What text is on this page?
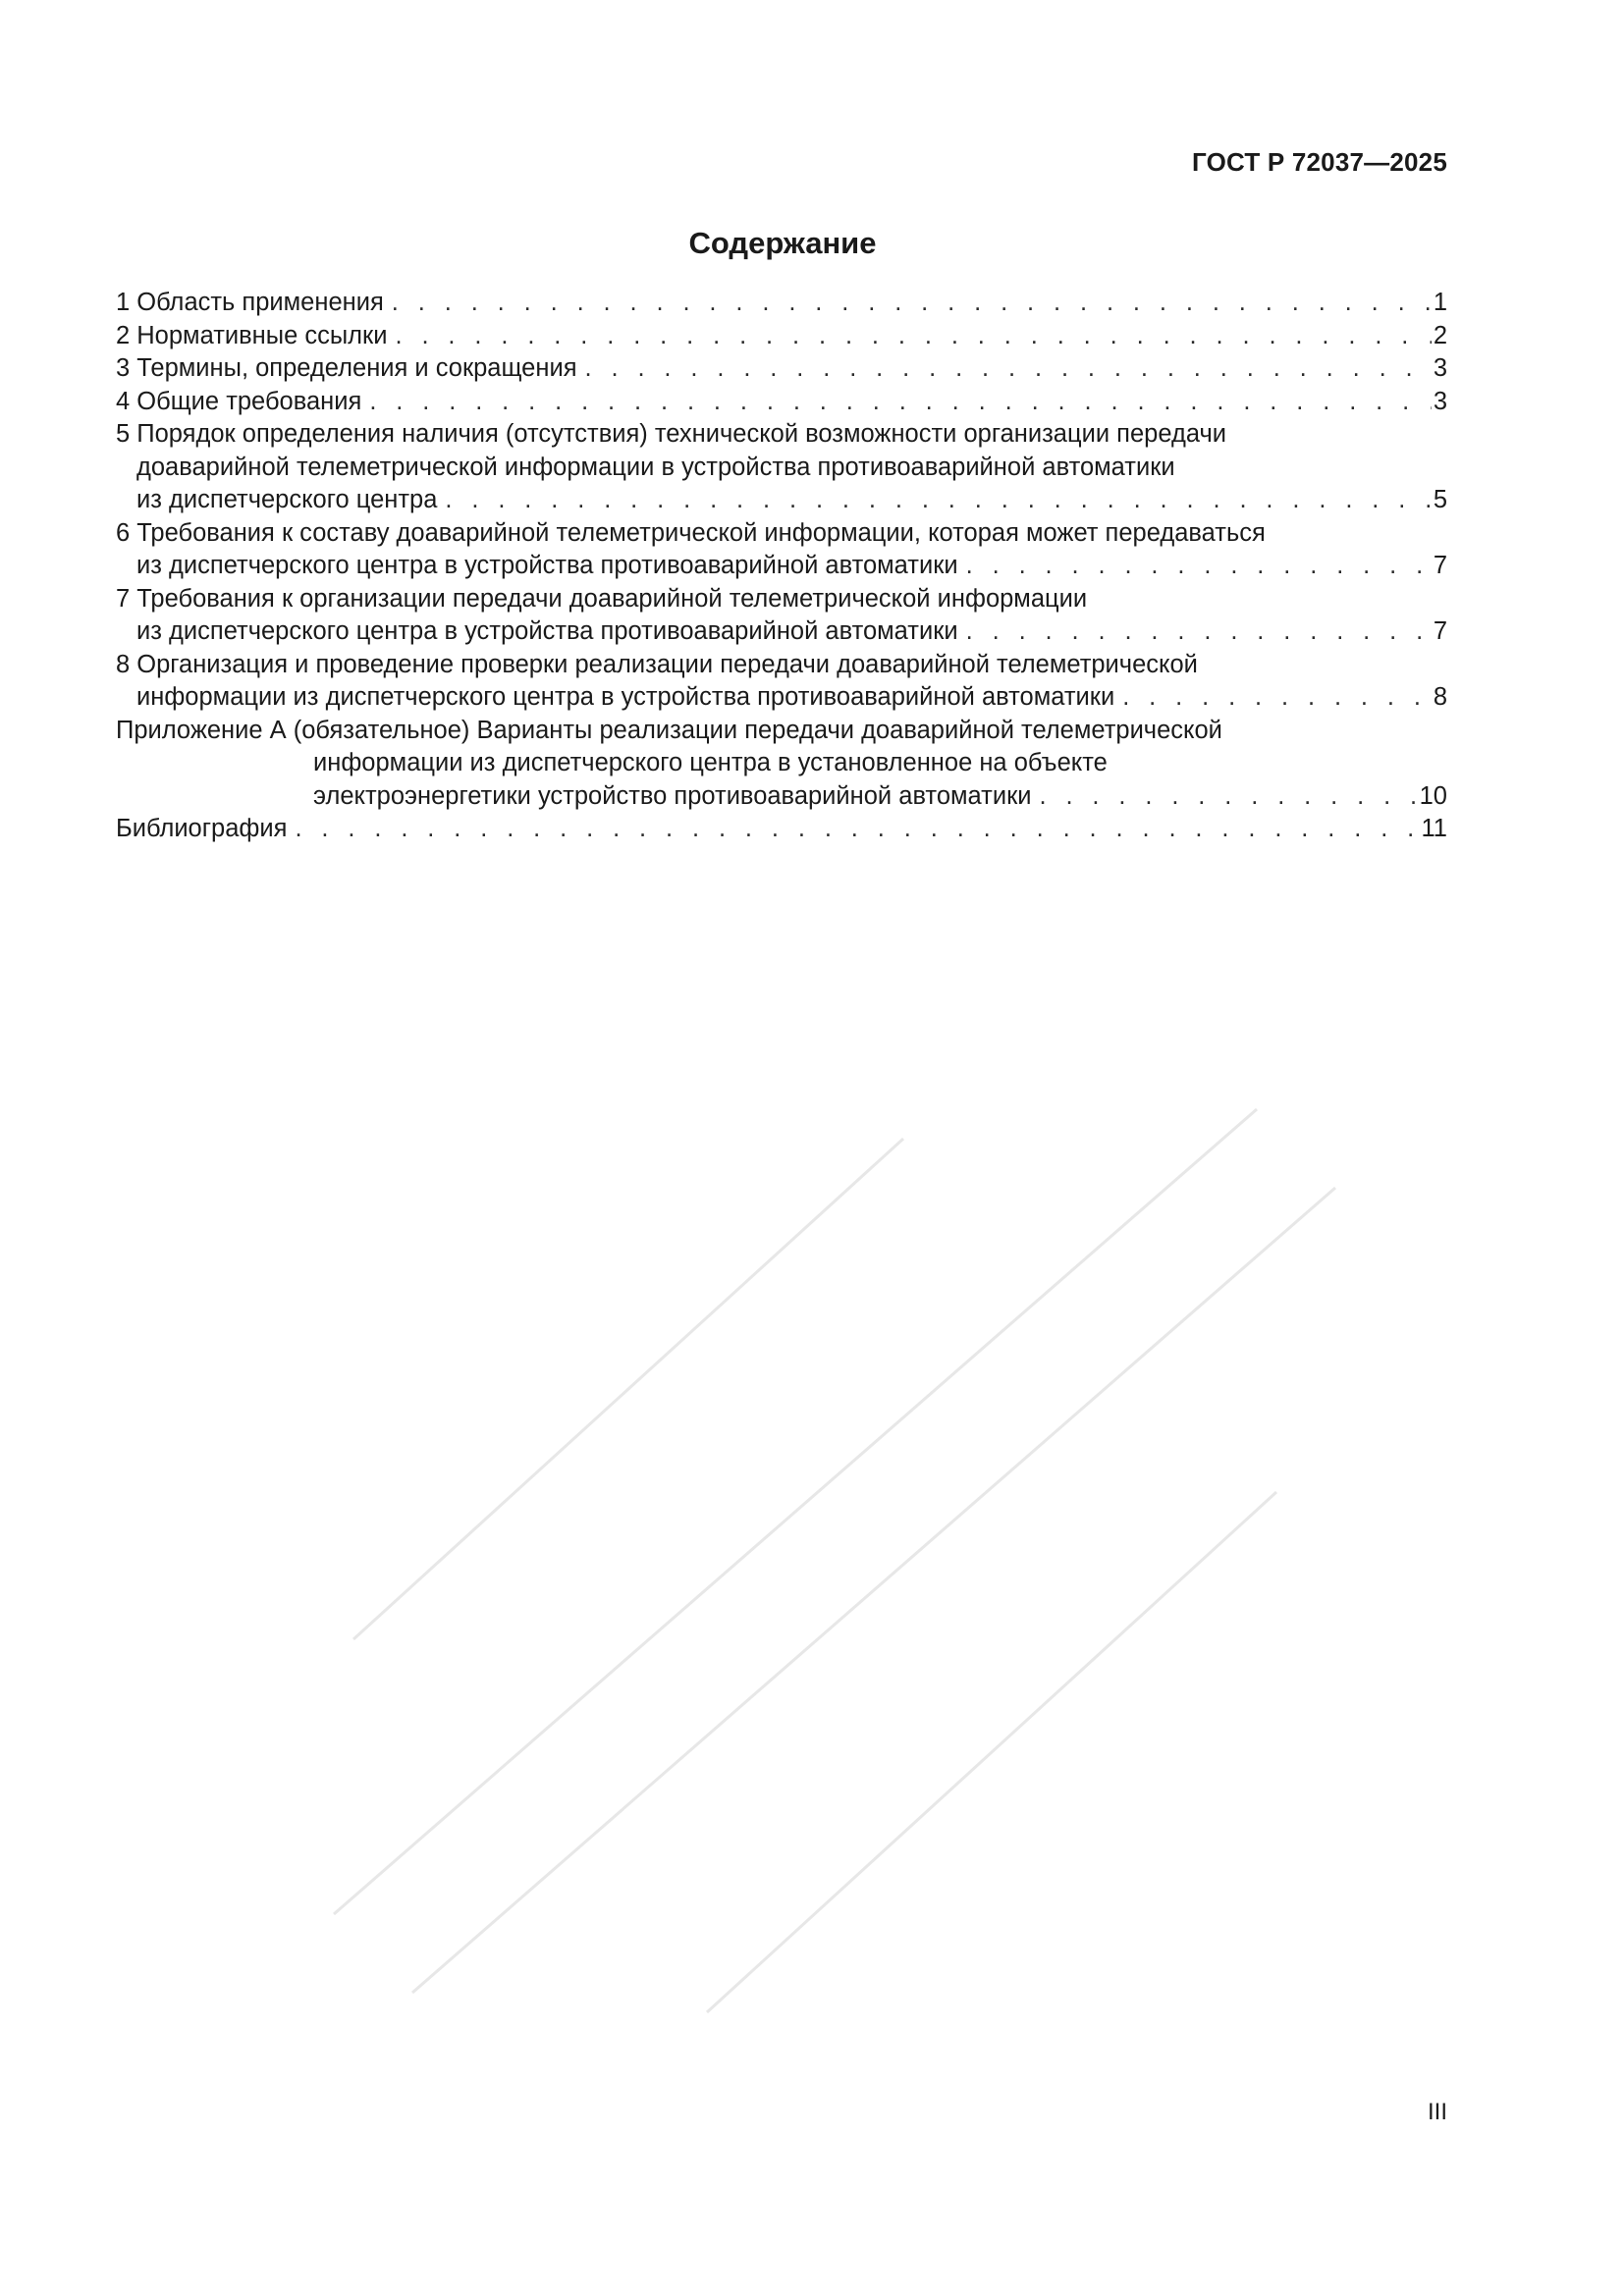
ГОСТ Р 72037—2025
Содержание
1 Область применения . . .	1
2 Нормативные ссылки . . .	2
3 Термины, определения и сокращения . . .	3
4 Общие требования . . .	3
5 Порядок определения наличия (отсутствия) технической возможности организации передачи
доаварийной телеметрической информации в устройства противоаварийной автоматики
из диспетчерского центра . . .	5
6 Требования к составу доаварийной телеметрической информации, которая может передаваться
из диспетчерского центра в устройства противоаварийной автоматики . . .	7
7 Требования к организации передачи доаварийной телеметрической информации
из диспетчерского центра в устройства противоаварийной автоматики . . .	7
8 Организация и проведение проверки реализации передачи доаварийной телеметрической
информации из диспетчерского центра в устройства противоаварийной автоматики . . .	8
Приложение А (обязательное) Варианты реализации передачи доаварийной телеметрической
информации из диспетчерского центра в установленное на объекте
электроэнергетики устройство противоаварийной автоматики . . .	10
Библиография . . .	11
III
